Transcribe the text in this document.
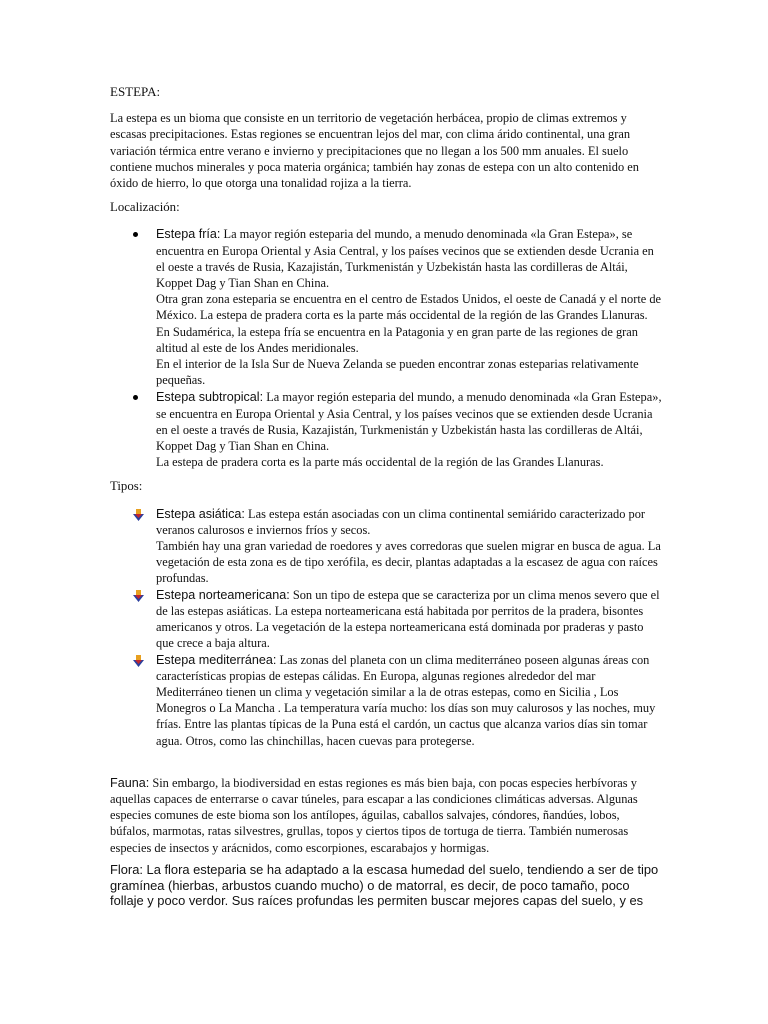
ESTEPA:

La estepa es un bioma que consiste en un territorio de vegetación herbácea, propio de climas extremos y escasas precipitaciones. Estas regiones se encuentran lejos del mar, con clima árido continental, una gran variación térmica entre verano e invierno y precipitaciones que no llegan a los 500 mm anuales. El suelo contiene muchos minerales y poca materia orgánica; también hay zonas de estepa con un alto contenido en óxido de hierro, lo que otorga una tonalidad rojiza a la tierra.

Localización:

Estepa fría: La mayor región esteparia del mundo, a menudo denominada «la Gran Estepa», se encuentra en Europa Oriental y Asia Central, y los países vecinos que se extienden desde Ucrania en el oeste a través de Rusia, Kazajistán, Turkmenistán y Uzbekistán hasta las cordilleras de Altái, Koppet Dag y Tian Shan en China.
Otra gran zona esteparia se encuentra en el centro de Estados Unidos, el oeste de Canadá y el norte de México. La estepa de pradera corta es la parte más occidental de la región de las Grandes Llanuras. En Sudamérica, la estepa fría se encuentra en la Patagonia y en gran parte de las regiones de gran altitud al este de los Andes meridionales.
En el interior de la Isla Sur de Nueva Zelanda se pueden encontrar zonas esteparias relativamente pequeñas.
Estepa subtropical: La mayor región esteparia del mundo, a menudo denominada «la Gran Estepa», se encuentra en Europa Oriental y Asia Central, y los países vecinos que se extienden desde Ucrania en el oeste a través de Rusia, Kazajistán, Turkmenistán y Uzbekistán hasta las cordilleras de Altái, Koppet Dag y Tian Shan en China.
La estepa de pradera corta es la parte más occidental de la región de las Grandes Llanuras.

Tipos:

Estepa asiática: Las estepa están asociadas con un clima continental semiárido caracterizado por veranos calurosos e inviernos fríos y secos.
También hay una gran variedad de roedores y aves corredoras que suelen migrar en busca de agua. La vegetación de esta zona es de tipo xerófila, es decir, plantas adaptadas a la escasez de agua con raíces profundas.
Estepa norteamericana: Son un tipo de estepa que se caracteriza por un clima menos severo que el de las estepas asiáticas. La estepa norteamericana está habitada por perritos de la pradera, bisontes americanos y otros. La vegetación de la estepa norteamericana está dominada por praderas y pasto que crece a baja altura.
Estepa mediterránea: Las zonas del planeta con un clima mediterráneo poseen algunas áreas con características propias de estepas cálidas. En Europa, algunas regiones alrededor del mar Mediterráneo tienen un clima y vegetación similar a la de otras estepas, como en Sicilia , Los Monegros o La Mancha . La temperatura varía mucho: los días son muy calurosos y las noches, muy frías. Entre las plantas típicas de la Puna está el cardón, un cactus que alcanza varios días sin tomar agua. Otros, como las chinchillas, hacen cuevas para protegerse.

Fauna: Sin embargo, la biodiversidad en estas regiones es más bien baja, con pocas especies herbívoras y aquellas capaces de enterrarse o cavar túneles, para escapar a las condiciones climáticas adversas. Algunas especies comunes de este bioma son los antílopes, águilas, caballos salvajes, cóndores, ñandúes, lobos, búfalos, marmotas, ratas silvestres, grullas, topos y ciertos tipos de tortuga de tierra. También numerosas especies de insectos y arácnidos, como escorpiones, escarabajos y hormigas.

Flora: La flora esteparia se ha adaptado a la escasa humedad del suelo, tendiendo a ser de tipo gramínea (hierbas, arbustos cuando mucho) o de matorral, es decir, de poco tamaño, poco follaje y poco verdor. Sus raíces profundas les permiten buscar mejores capas del suelo, y es
